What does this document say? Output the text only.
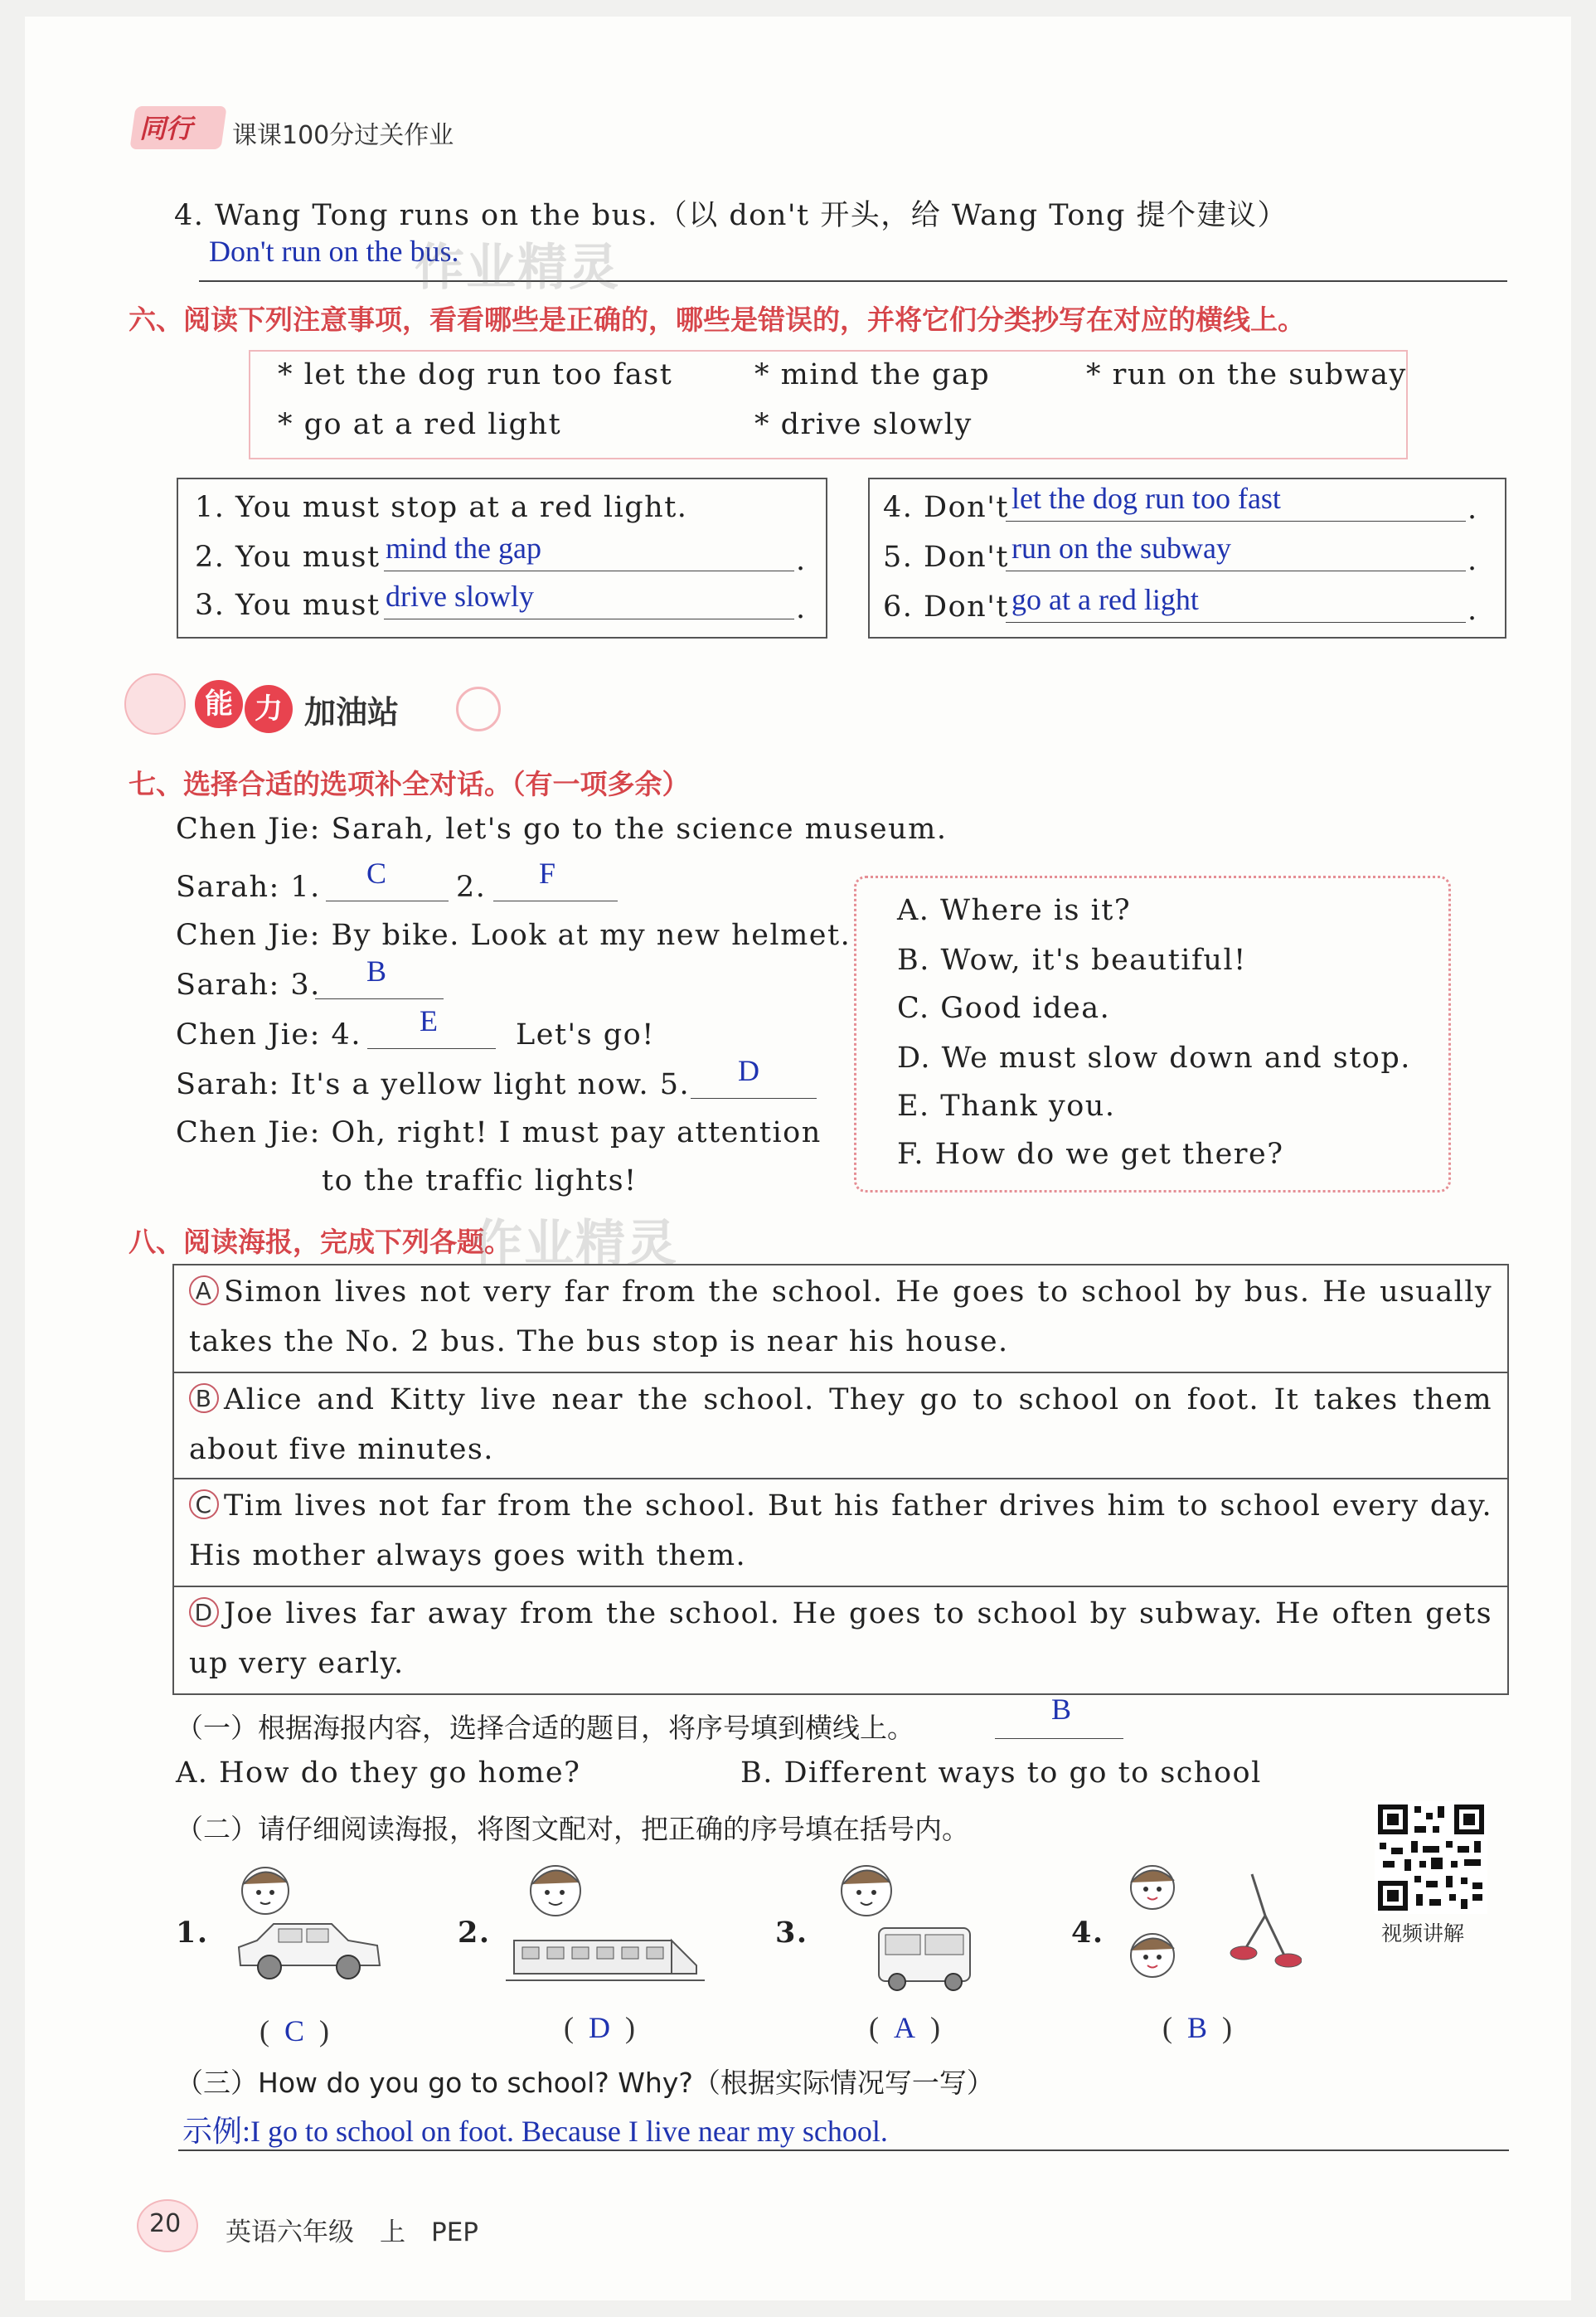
同行 课课100分过关作业
4. Wang Tong runs on the bus.（以 don't 开头，给 Wang Tong 提个建议）
Don't run on the bus.
作业精灵
六、阅读下列注意事项，看看哪些是正确的，哪些是错误的，并将它们分类抄写在对应的横线上。
* let the dog run too fast	* mind the gap	* run on the subway
* go at a red light	* drive slowly
1. You must stop at a red light.
2. You must mind the gap	.
3. You must drive slowly	.
4. Don't let the dog run too fast	.
5. Don't run on the subway	.
6. Don't go at a red light	.
能 力 加油站
七、选择合适的选项补全对话。（有一项多余）
Chen Jie: Sarah, let's go to the science museum.
Sarah: 1. C 2. F
Chen Jie: By bike. Look at my new helmet.
Sarah: 3. B
Chen Jie: 4. E	Let's go!
Sarah: It's a yellow light now. 5. D
Chen Jie: Oh, right! I must pay attention
to the traffic lights!
A. Where is it?
B. Wow, it's beautiful!
C. Good idea.
D. We must slow down and stop.
E. Thank you.
F. How do we get there?
八、阅读海报，完成下列各题。
作业精灵
A Simon lives not very far from the school. He goes to school by bus. He usually takes the No. 2 bus. The bus stop is near his house.
B Alice and Kitty live near the school. They go to school on foot. It takes them about five minutes.
C Tim lives not far from the school. But his father drives him to school every day. His mother always goes with them.
D Joe lives far away from the school. He goes to school by subway. He often gets up very early.
（一）根据海报内容，选择合适的题目，将序号填到横线上。
B
A. How do they go home?	B. Different ways to go to school
（二）请仔细阅读海报，将图文配对，把正确的序号填在括号内。
视频讲解
1.
( C )
2.
( D )
3.
( A )
4.
( B )
（三）How do you go to school? Why?（根据实际情况写一写）
示例:I go to school on foot. Because I live near my school.
20 英语六年级　上　PEP
